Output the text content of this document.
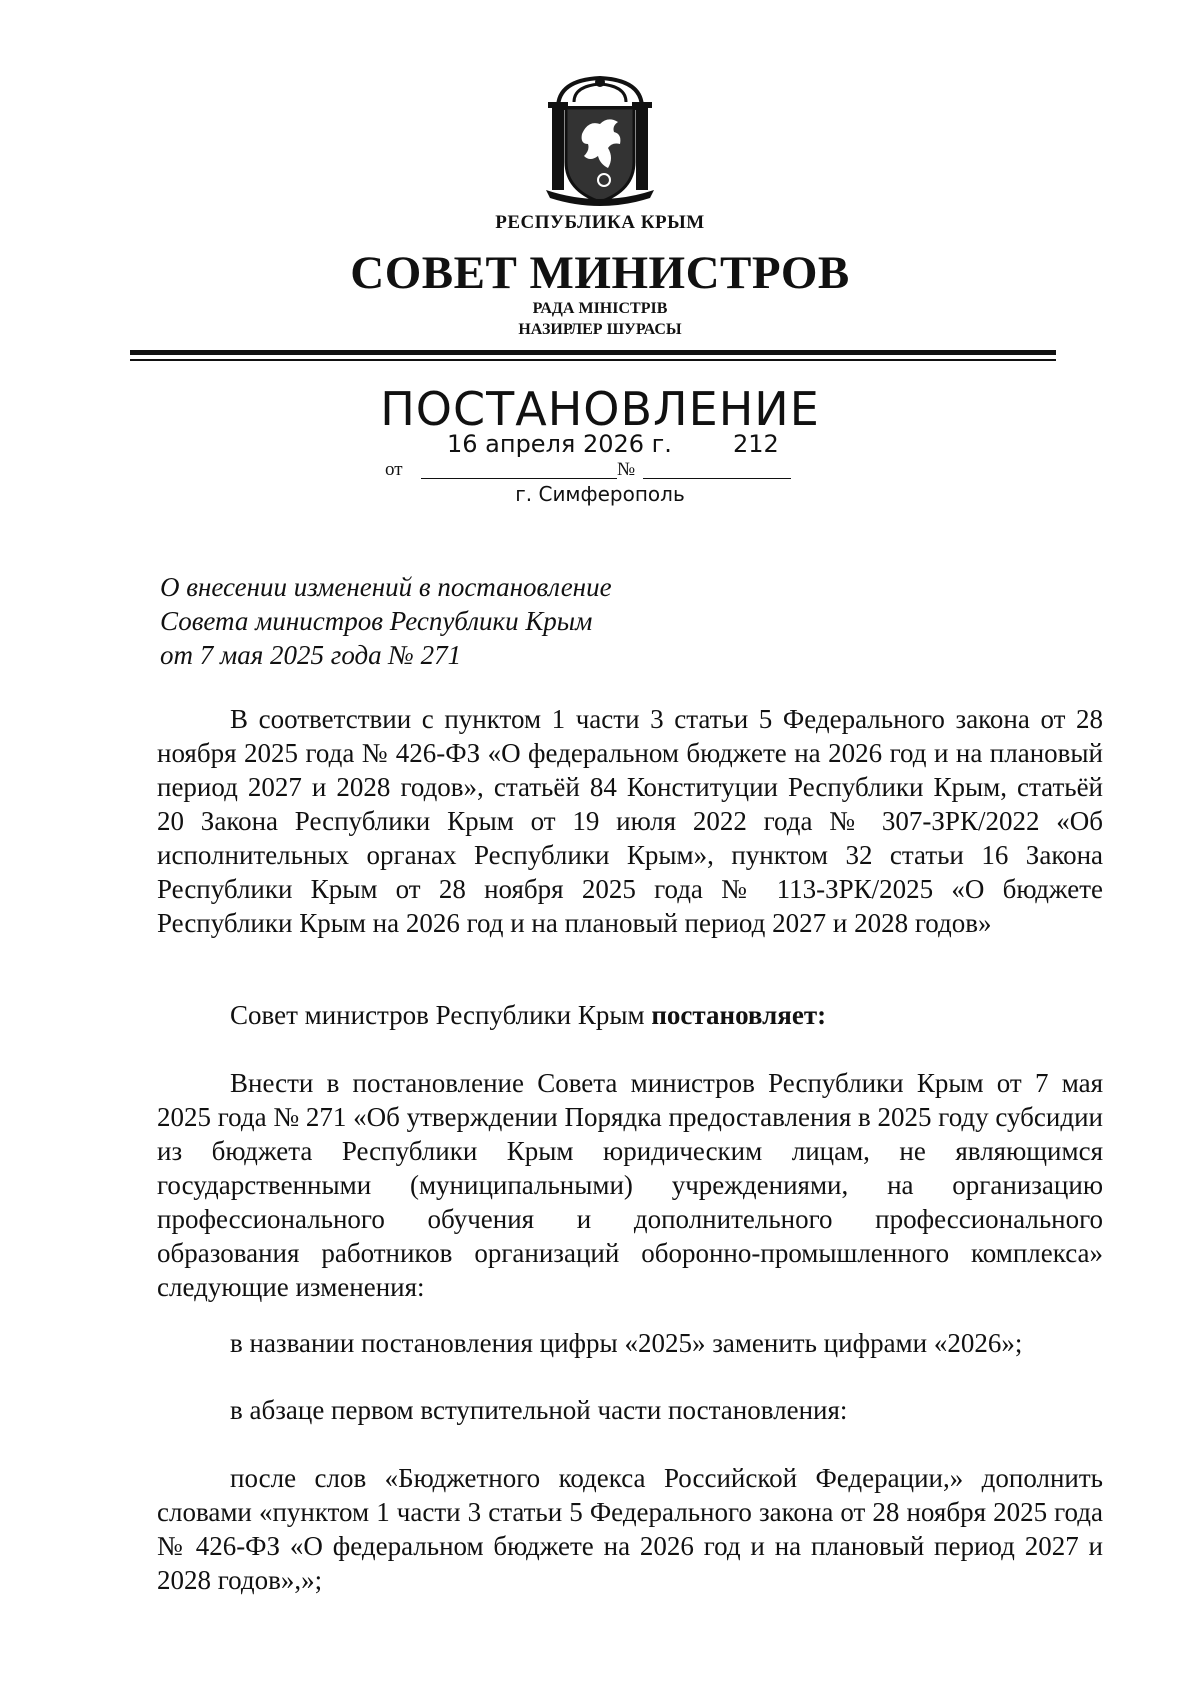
РЕСПУБЛИКА КРЫМ
СОВЕТ МИНИСТРОВ
РАДА МІНІСТРІВ
НАЗИРЛЕР ШУРАСЫ
ПОСТАНОВЛЕНИЕ
от
16 апреля 2026 г.
№
212
г. Симферополь
О внесении изменений в постановление
Совета министров Республики Крым
от 7 мая 2025 года № 271

В соответствии с пунктом 1 части 3 статьи 5 Федерального закона от 28 ноября 2025 года № 426-ФЗ «О федеральном бюджете на 2026 год и на плановый период 2027 и 2028 годов», статьёй 84 Конституции Республики Крым, статьёй 20 Закона Республики Крым от 19 июля 2022 года № 307-ЗРК/2022 «Об исполнительных органах Республики Крым», пунктом 32 статьи 16 Закона Республики Крым от 28 ноября 2025 года № 113-ЗРК/2025 «О бюджете Республики Крым на 2026 год и на плановый период 2027 и 2028 годов»

Совет министров Республики Крым постановляет:

Внести в постановление Совета министров Республики Крым от 7 мая 2025 года № 271 «Об утверждении Порядка предоставления в 2025 году субсидии из бюджета Республики Крым юридическим лицам, не являющимся государственными (муниципальными) учреждениями, на организацию профессионального обучения и дополнительного профессионального образования работников организаций оборонно-промышленного комплекса» следующие изменения:

в названии постановления цифры «2025» заменить цифрами «2026»;

в абзаце первом вступительной части постановления:

после слов «Бюджетного кодекса Российской Федерации,» дополнить словами «пунктом 1 части 3 статьи 5 Федерального закона от 28 ноября 2025 года № 426-ФЗ «О федеральном бюджете на 2026 год и на плановый период 2027 и 2028 годов»,»;
